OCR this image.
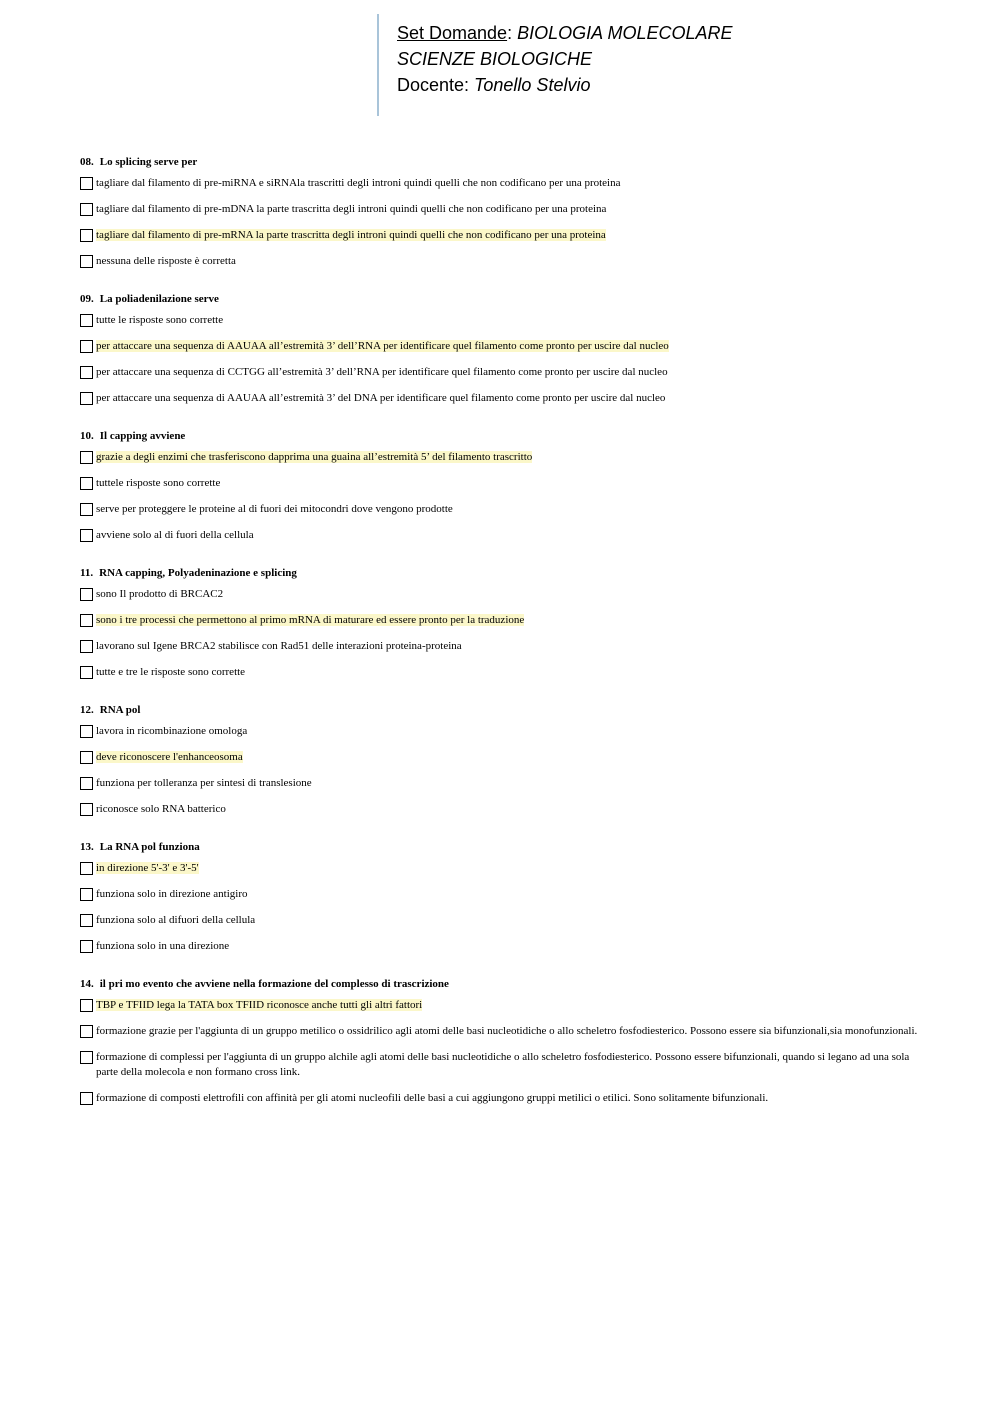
Set Domande: BIOLOGIA MOLECOLARE
SCIENZE BIOLOGICHE
Docente: Tonello Stelvio
08. Lo splicing serve per
tagliare dal filamento di pre-miRNA e siRNAla trascritti degli introni quindi quelli che non codificano per una proteina
tagliare dal filamento di pre-mDNA la parte trascritta degli introni quindi quelli che non codificano per una proteina
tagliare dal filamento di pre-mRNA la parte trascritta degli introni quindi quelli che non codificano per una proteina
nessuna delle risposte è corretta
09. La poliadenilazione serve
tutte le risposte sono corrette
per attaccare una sequenza di AAUAA all’estremità 3’ dell’RNA per identificare quel filamento come pronto per uscire dal nucleo
per attaccare una sequenza di CCTGG all’estremità 3’ dell’RNA per identificare quel filamento come pronto per uscire dal nucleo
per attaccare una sequenza di AAUAA all’estremità 3’ del DNA per identificare quel filamento come pronto per uscire dal nucleo
10. Il capping avviene
grazie a degli enzimi che trasferiscono dapprima una guaina all’estremità 5’ del filamento trascritto
tuttele risposte sono corrette
serve per proteggere le proteine al di fuori dei mitocondri dove vengono prodotte
avviene solo al di fuori della cellula
11. RNA capping, Polyadeninazione e splicing
sono Il prodotto di BRCAC2
sono i tre processi che permettono al primo mRNA di maturare ed essere pronto per la traduzione
lavorano sul Igene BRCA2 stabilisce con Rad51 delle interazioni proteina-proteina
tutte e tre le risposte sono corrette
12. RNA pol
lavora in ricombinazione omologa
deve riconoscere l'enhanceosoma
funziona per tolleranza per sintesi di translesione
riconosce solo RNA batterico
13. La RNA pol funziona
in direzione 5'-3' e 3'-5'
funziona solo in direzione antigiro
funziona solo al difuori della cellula
funziona solo in una direzione
14. il pri mo evento che avviene nella formazione del complesso di trascrizione
TBP e TFIID lega la TATA box TFIID riconosce anche tutti gli altri fattori
formazione grazie per l'aggiunta di un gruppo metilico o ossidrilico agli atomi delle basi nucleotidiche o allo scheletro fosfodiesterico. Possono essere sia bifunzionali,sia monofunzionali.
formazione di complessi per l'aggiunta di un gruppo alchile agli atomi delle basi nucleotidiche o allo scheletro fosfodiesterico. Possono essere bifunzionali, quando si legano ad una sola parte della molecola e non formano cross link.
formazione di composti elettrofili con affinità per gli atomi nucleofili delle basi a cui aggiungono gruppi metilici o etilici. Sono solitamente bifunzionali.
